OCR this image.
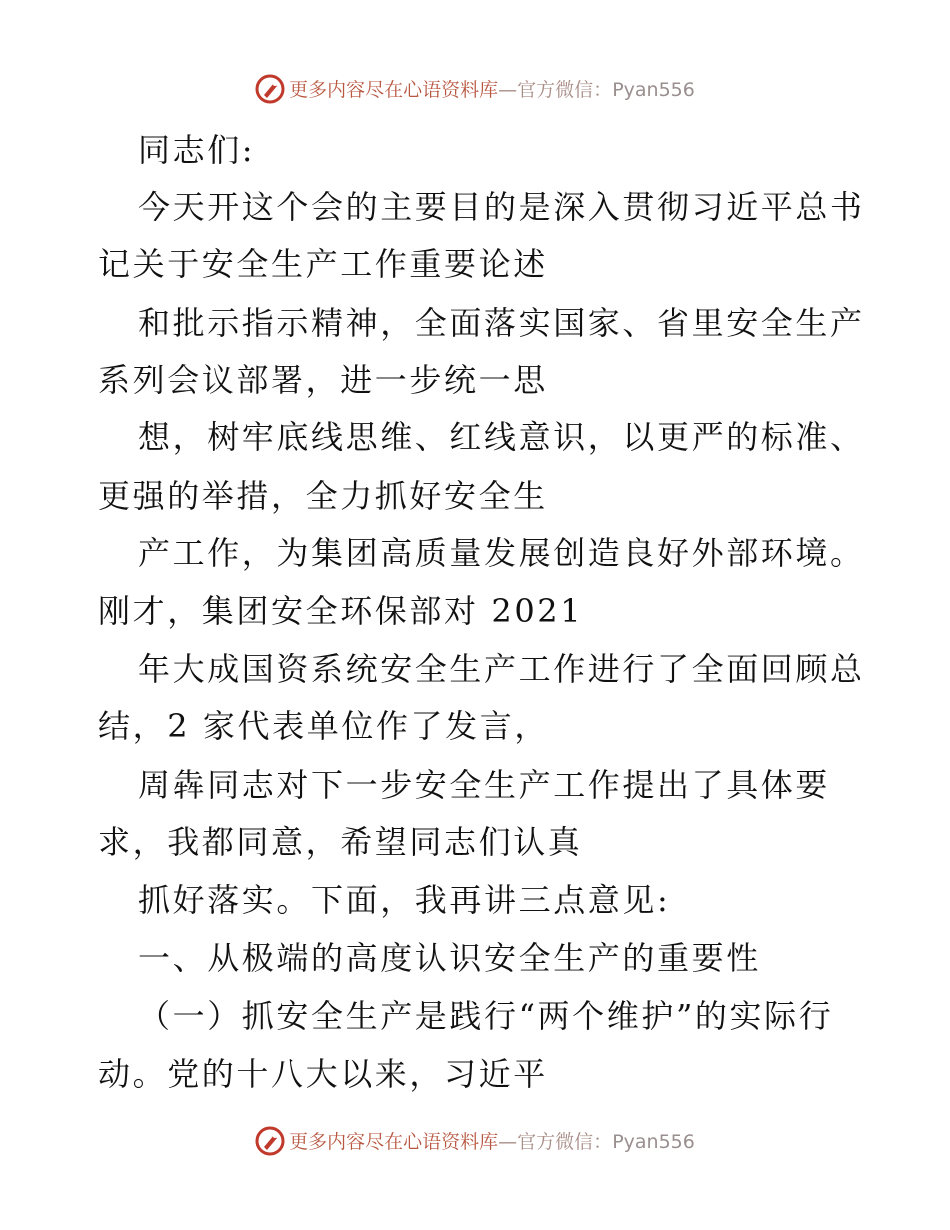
更多内容尽在心语资料库—官方微信：Pyan556
同志们:
今天开这个会的主要目的是深入贯彻习近平总书
记关于安全生产工作重要论述
和批示指示精神，全面落实国家、省里安全生产
系列会议部署，进一步统一思
想，树牢底线思维、红线意识，以更严的标准、
更强的举措，全力抓好安全生
产工作，为集团高质量发展创造良好外部环境。
刚才，集团安全环保部对 2021
年大成国资系统安全生产工作进行了全面回顾总
结，2 家代表单位作了发言，
周犇同志对下一步安全生产工作提出了具体要
求，我都同意，希望同志们认真
抓好落实。下面，我再讲三点意见:
一、从极端的高度认识安全生产的重要性
（一）抓安全生产是践行“两个维护”的实际行
动。党的十八大以来，习近平
更多内容尽在心语资料库—官方微信：Pyan556
